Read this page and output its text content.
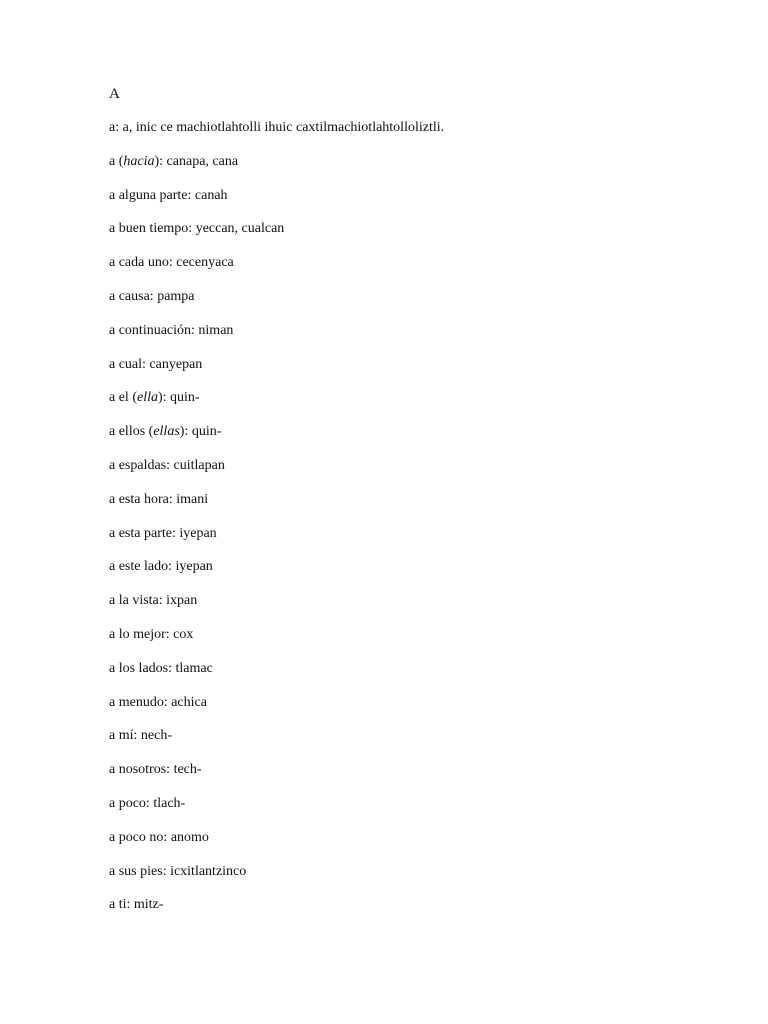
A
a: a, inic ce machiotlahtolli ihuic caxtilmachiotlahtolloliztli.
a (hacia): canapa, cana
a alguna parte: canah
a buen tiempo: yeccan, cualcan
a cada uno: cecenyaca
a causa: pampa
a continuación: niman
a cual: canyepan
a el (ella): quin-
a ellos (ellas): quin-
a espaldas: cuitlapan
a esta hora: imani
a esta parte: iyepan
a este lado: iyepan
a la vista: ixpan
a lo mejor: cox
a los lados: tlamac
a menudo: achica
a mí: nech-
a nosotros: tech-
a poco: tlach-
a poco no: anomo
a sus pies: icxitlantzinco
a ti: mitz-
